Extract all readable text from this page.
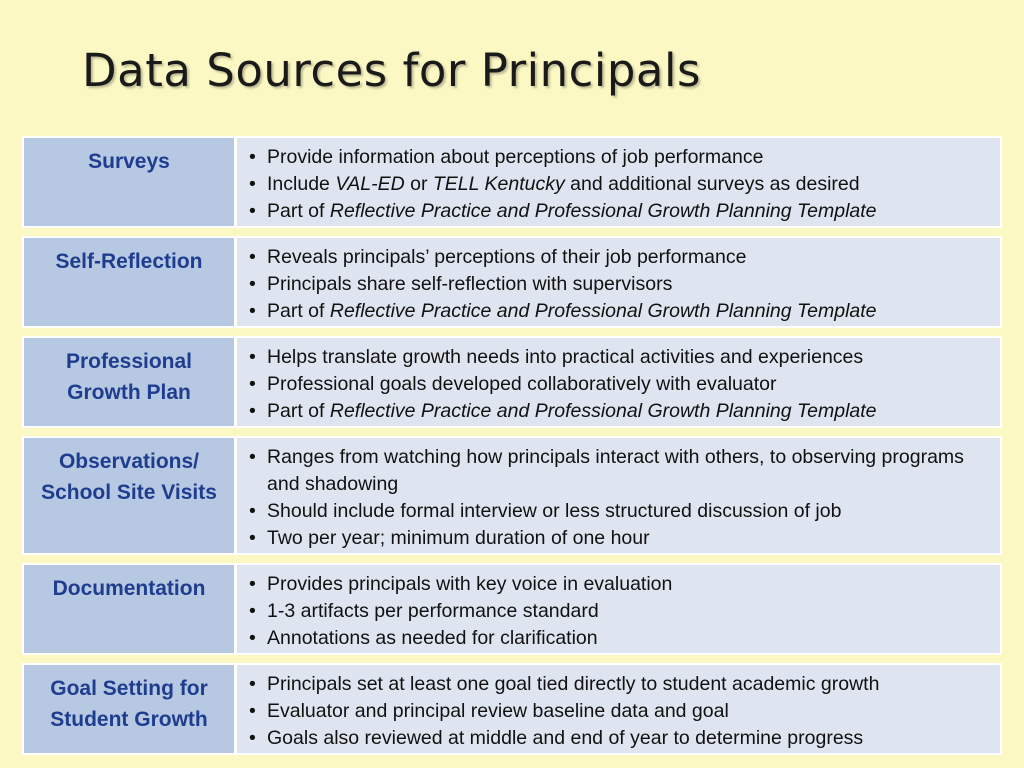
Data Sources for Principals
Surveys	• Provide information about perceptions of job performance
• Include VAL-ED or TELL Kentucky and additional surveys as desired
• Part of Reflective Practice and Professional Growth Planning Template
Self-Reflection	• Reveals principals’ perceptions of their job performance
• Principals share self-reflection with supervisors
• Part of Reflective Practice and Professional Growth Planning Template
Professional Growth Plan
• Helps translate growth needs into practical activities and experiences
• Professional goals developed collaboratively with evaluator
• Part of Reflective Practice and Professional Growth Planning Template
Observations/ School Site Visits
• Ranges from watching how principals interact with others, to observing programs and shadowing
• Should include formal interview or less structured discussion of job
• Two per year; minimum duration of one hour
Documentation	• Provides principals with key voice in evaluation
• 1-3 artifacts per performance standard
• Annotations as needed for clarification
Goal Setting for Student Growth
• Principals set at least one goal tied directly to student academic growth
• Evaluator and principal review baseline data and goal
• Goals also reviewed at middle and end of year to determine progress
